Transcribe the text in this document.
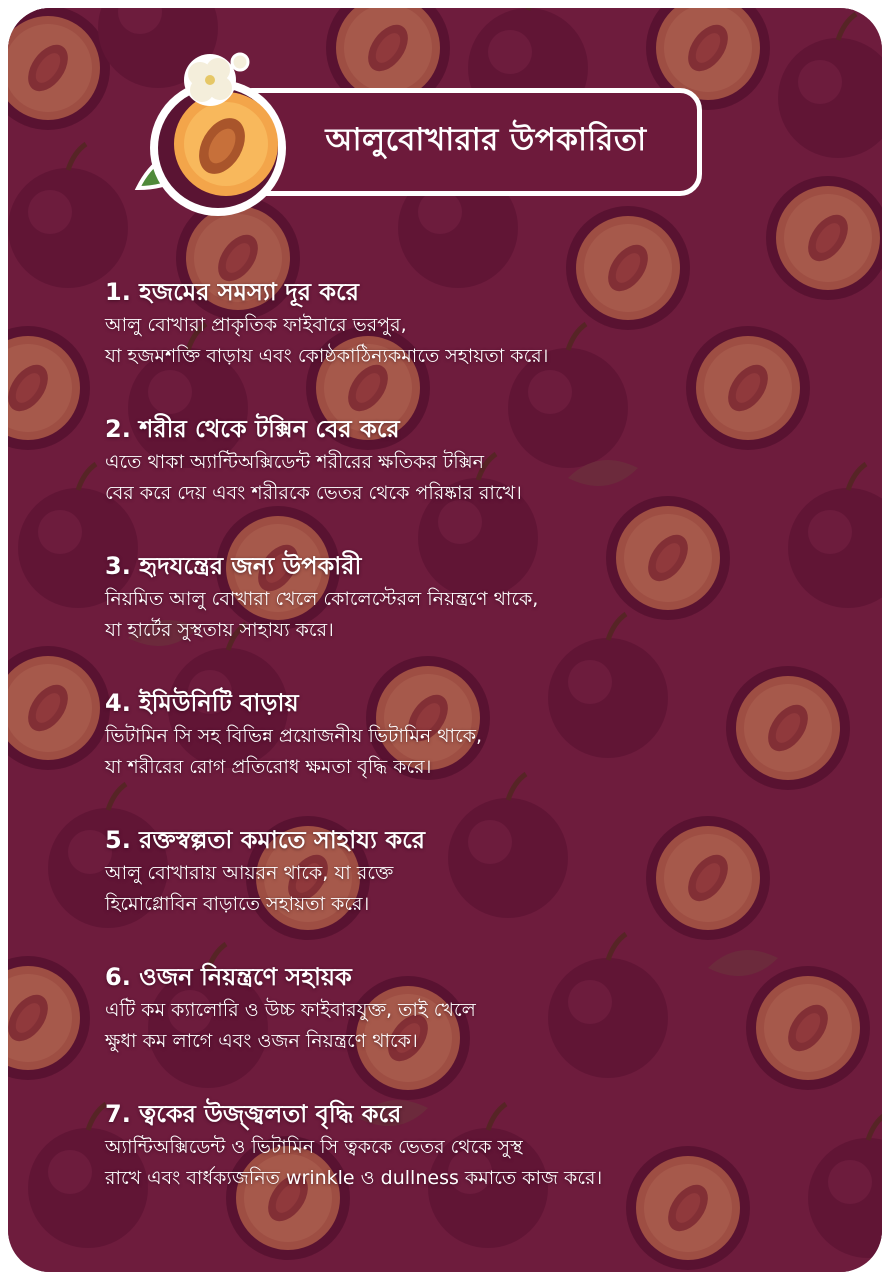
আলুবোখারার উপকারিতা
1. হজমের সমস্যা দূর করে
আলু বোখারা প্রাকৃতিক ফাইবারে ভরপুর,
যা হজমশক্তি বাড়ায় এবং কোষ্ঠকাঠিন্যকমাতে সহায়তা করে।
2. শরীর থেকে টক্সিন বের করে
এতে থাকা অ্যান্টিঅক্সিডেন্ট শরীরের ক্ষতিকর টক্সিন
বের করে দেয় এবং শরীরকে ভেতর থেকে পরিষ্কার রাখে।
3. হৃদযন্ত্রের জন্য উপকারী
নিয়মিত আলু বোখারা খেলে কোলেস্টেরল নিয়ন্ত্রণে থাকে,
যা হার্টের সুস্থতায় সাহায্য করে।
4. ইমিউনিটি বাড়ায়
ভিটামিন সি সহ বিভিন্ন প্রয়োজনীয় ভিটামিন থাকে,
যা শরীরের রোগ প্রতিরোধ ক্ষমতা বৃদ্ধি করে।
5. রক্তস্বল্পতা কমাতে সাহায্য করে
আলু বোখারায় আয়রন থাকে, যা রক্তে
হিমোগ্লোবিন বাড়াতে সহায়তা করে।
6. ওজন নিয়ন্ত্রণে সহায়ক
এটি কম ক্যালোরি ও উচ্চ ফাইবারযুক্ত, তাই খেলে
ক্ষুধা কম লাগে এবং ওজন নিয়ন্ত্রণে থাকে।
7. ত্বকের উজ্জ্বলতা বৃদ্ধি করে
অ্যান্টিঅক্সিডেন্ট ও ভিটামিন সি ত্বককে ভেতর থেকে সুস্থ
রাখে এবং বার্ধক্যজনিত wrinkle ও dullness কমাতে কাজ করে।
